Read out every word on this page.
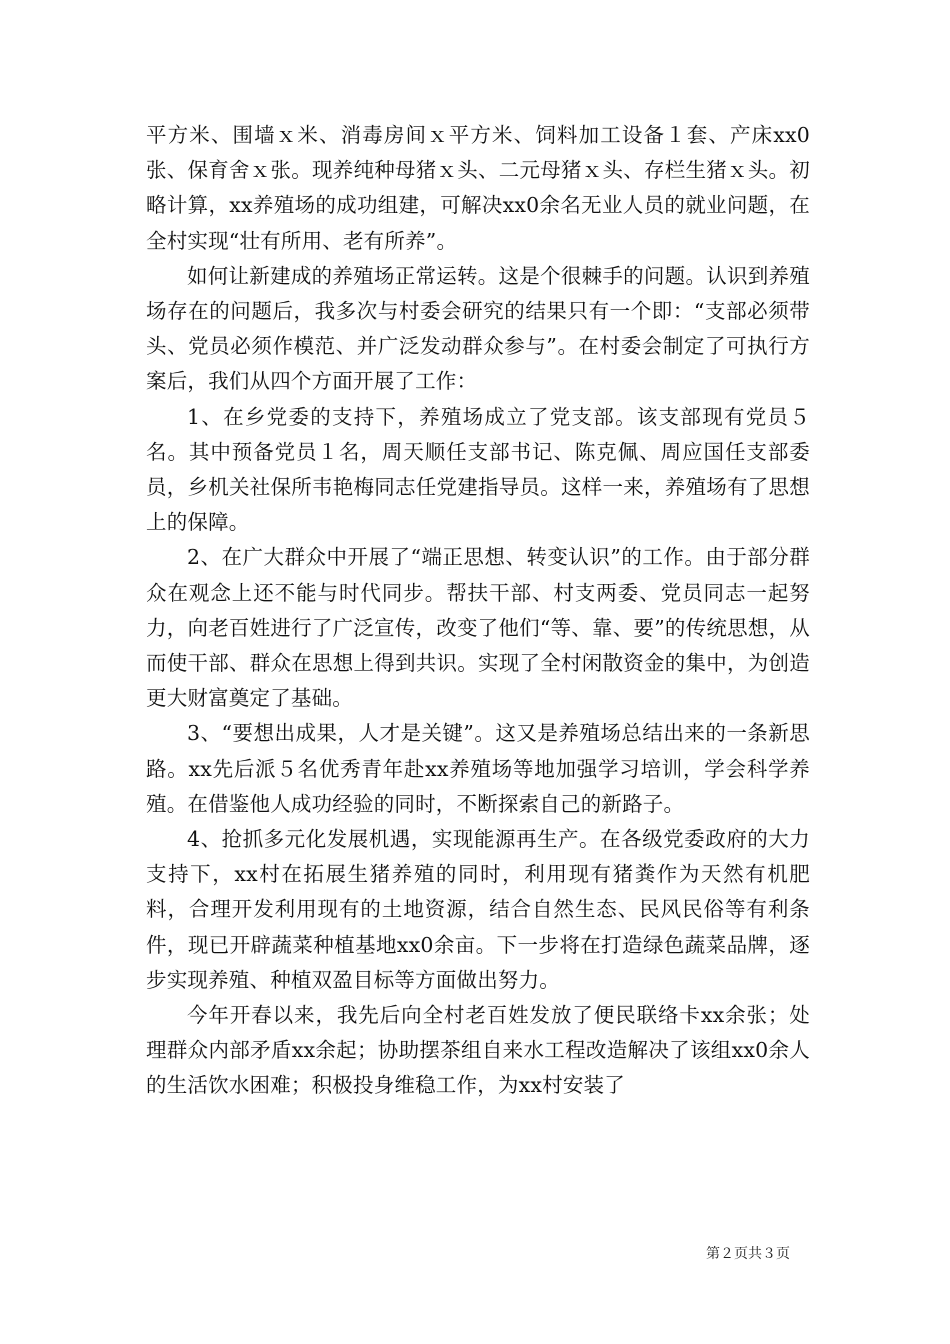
平方米、围墙ｘ米、消毒房间ｘ平方米、饲料加工设备１套、产床xx0张、保育舍ｘ张。现养纯种母猪ｘ头、二元母猪ｘ头、存栏生猪ｘ头。初略计算，xx养殖场的成功组建，可解决xx0余名无业人员的就业问题，在全村实现“壮有所用、老有所养”。

如何让新建成的养殖场正常运转。这是个很棘手的问题。认识到养殖场存在的问题后，我多次与村委会研究的结果只有一个即：“支部必须带头、党员必须作模范、并广泛发动群众参与”。在村委会制定了可执行方案后，我们从四个方面开展了工作：

1、在乡党委的支持下，养殖场成立了党支部。该支部现有党员５名。其中预备党员１名，周天顺任支部书记、陈克佩、周应国任支部委员，乡机关社保所韦艳梅同志任党建指导员。这样一来，养殖场有了思想上的保障。

2、在广大群众中开展了“端正思想、转变认识”的工作。由于部分群众在观念上还不能与时代同步。帮扶干部、村支两委、党员同志一起努力，向老百姓进行了广泛宣传，改变了他们“等、靠、要”的传统思想，从而使干部、群众在思想上得到共识。实现了全村闲散资金的集中，为创造更大财富奠定了基础。

3、“要想出成果，人才是关键”。这又是养殖场总结出来的一条新思路。xx先后派５名优秀青年赴xx养殖场等地加强学习培训，学会科学养殖。在借鉴他人成功经验的同时，不断探索自己的新路子。

4、抢抓多元化发展机遇，实现能源再生产。在各级党委政府的大力支持下，xx村在拓展生猪养殖的同时，利用现有猪粪作为天然有机肥料，合理开发利用现有的土地资源，结合自然生态、民风民俗等有利条件，现已开辟蔬菜种植基地xx0余亩。下一步将在打造绿色蔬菜品牌，逐步实现养殖、种植双盈目标等方面做出努力。

今年开春以来，我先后向全村老百姓发放了便民联络卡xx余张；处理群众内部矛盾xx余起；协助摆茶组自来水工程改造解决了该组xx0余人的生活饮水困难；积极投身维稳工作，为xx村安装了

第２页共３页
